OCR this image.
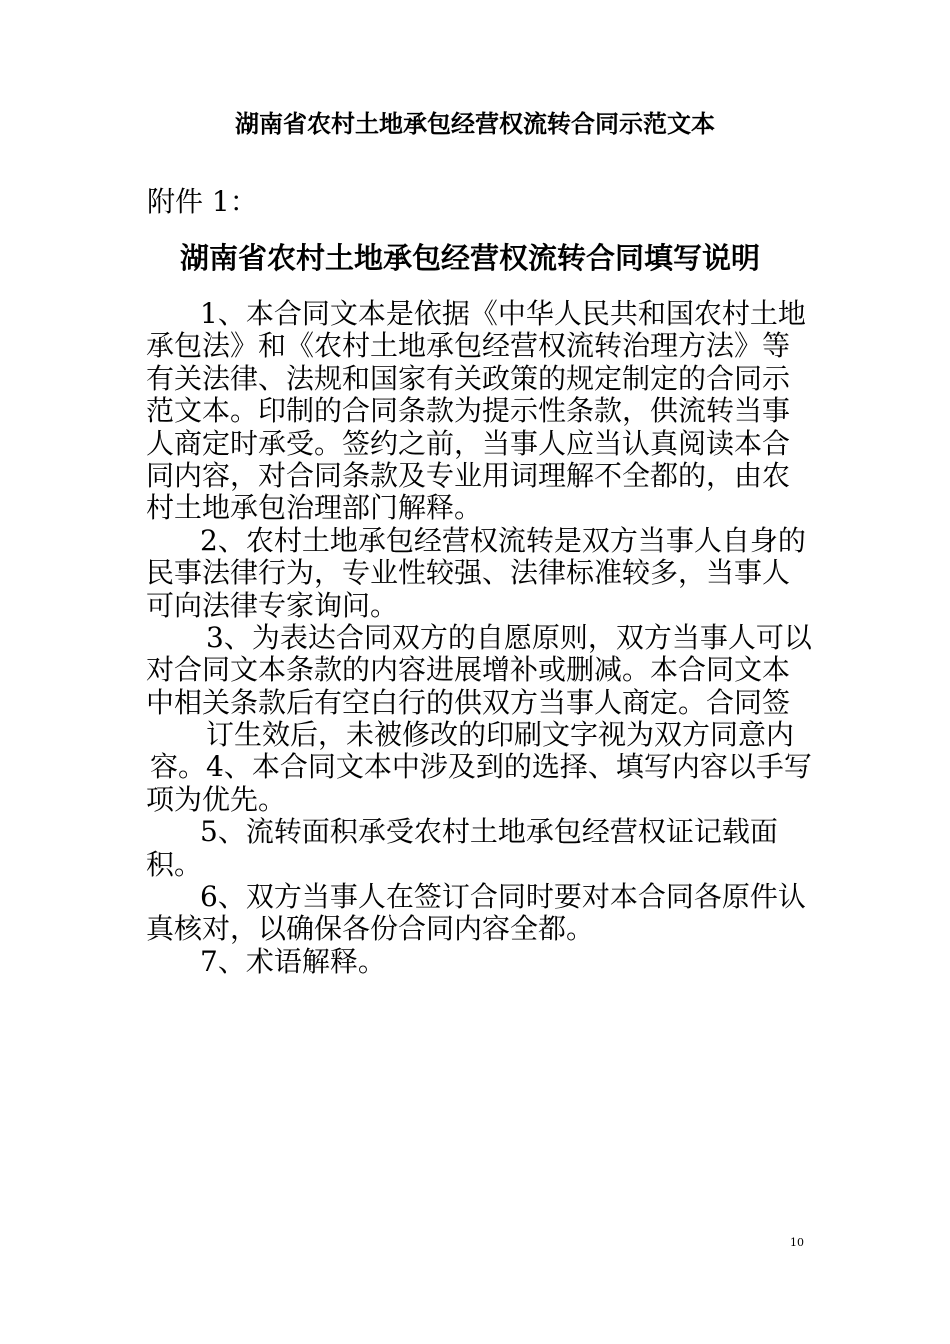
湖南省农村土地承包经营权流转合同示范文本
附件 1：
湖南省农村土地承包经营权流转合同填写说明
1、本合同文本是依据《中华人民共和国农村土地
承包法》和《农村土地承包经营权流转治理方法》等
有关法律、法规和国家有关政策的规定制定的合同示
范文本。印制的合同条款为提示性条款，供流转当事
人商定时承受。签约之前，当事人应当认真阅读本合
同内容，对合同条款及专业用词理解不全都的，由农
村土地承包治理部门解释。
2、农村土地承包经营权流转是双方当事人自身的
民事法律行为，专业性较强、法律标准较多，当事人
可向法律专家询问。
3、为表达合同双方的自愿原则，双方当事人可以
对合同文本条款的内容进展增补或删减。本合同文本
中相关条款后有空白行的供双方当事人商定。合同签
订生效后，未被修改的印刷文字视为双方同意内
容。4、本合同文本中涉及到的选择、填写内容以手写
项为优先。
5、流转面积承受农村土地承包经营权证记载面
积。
6、双方当事人在签订合同时要对本合同各原件认
真核对，以确保各份合同内容全都。
7、术语解释。
10
